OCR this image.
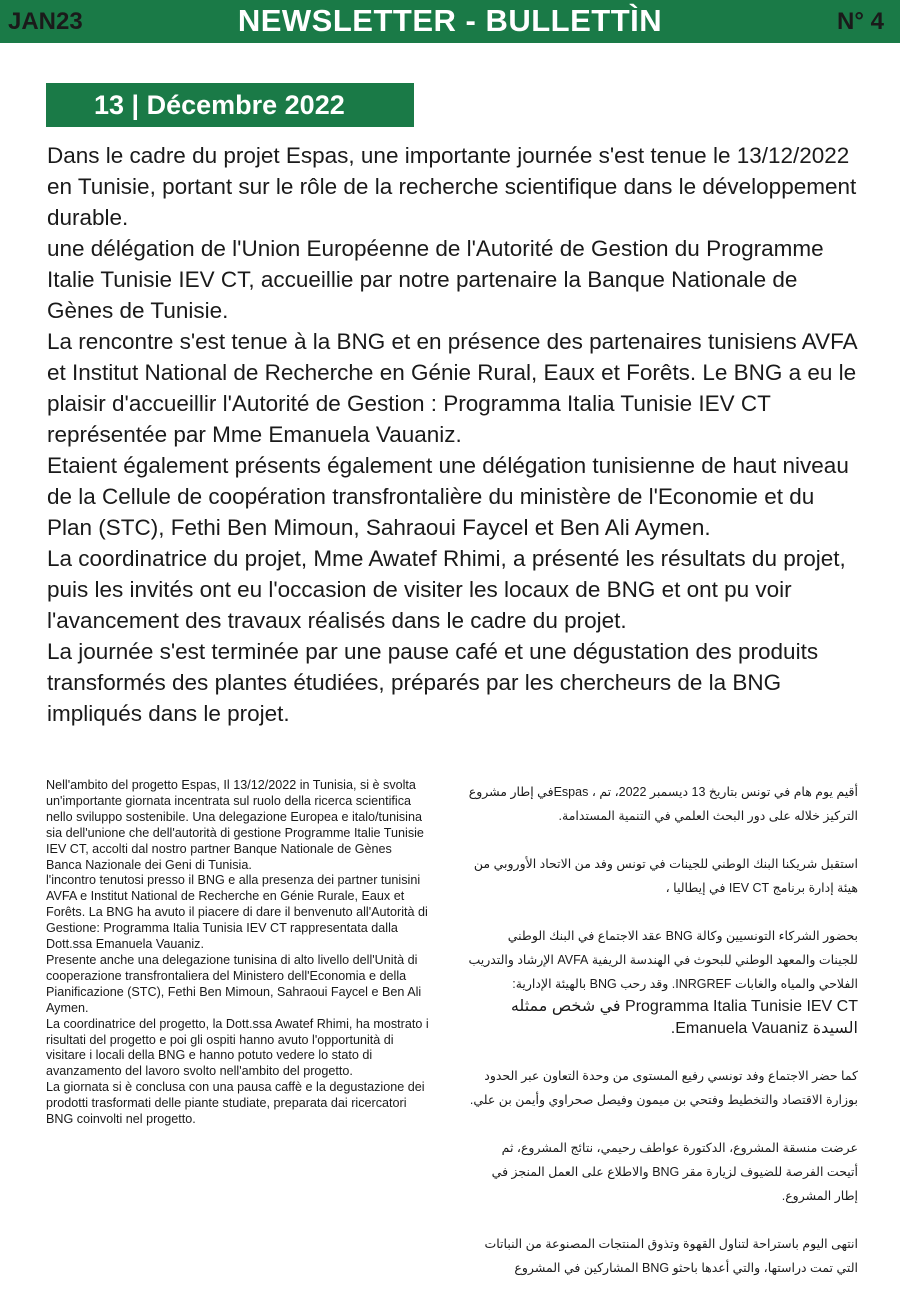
JAN23	NEWSLETTER - BULLETTÌN	N° 4
13 | Décembre 2022

Dans le cadre du projet Espas, une importante journée s'est tenue le 13/12/2022 en Tunisie, portant sur le rôle de la recherche scientifique dans le développement durable.

une délégation de l'Union Européenne de l'Autorité de Gestion du Programme Italie Tunisie IEV CT, accueillie par notre partenaire la Banque Nationale de Gènes de Tunisie.

La rencontre s'est tenue à la BNG et en présence des partenaires tunisiens AVFA et Institut National de Recherche en Génie Rural, Eaux et Forêts. Le BNG a eu le plaisir d'accueillir l'Autorité de Gestion : Programma Italia Tunisie IEV CT représentée par Mme Emanuela Vauaniz.

Etaient également présents également une délégation tunisienne de haut niveau de la Cellule de coopération transfrontalière du ministère de l'Economie et du Plan (STC), Fethi Ben Mimoun, Sahraoui Faycel et Ben Ali Aymen.

La coordinatrice du projet, Mme Awatef Rhimi, a présenté les résultats du projet, puis les invités ont eu l'occasion de visiter les locaux de BNG et ont pu voir l'avancement des travaux réalisés dans le cadre du projet.

La journée s'est terminée par une pause café et une dégustation des produits transformés des plantes étudiées, préparés par les chercheurs de la BNG impliqués dans le projet.

Nell'ambito del progetto Espas, Il 13/12/2022 in Tunisia, si è svolta un'importante giornata incentrata sul ruolo della ricerca scientifica nello sviluppo sostenibile. Una delegazione Europea e italo/tunisina sia dell'unione che dell'autorità di gestione Programme Italie Tunisie IEV CT, accolti dal nostro partner Banque Nationale de Gènes

Banca Nazionale dei Geni di Tunisia.

l'incontro tenutosi presso il BNG e alla presenza dei partner tunisini AVFA e Institut National de Recherche en Génie Rurale, Eaux et Forêts. La BNG ha avuto il piacere di dare il benvenuto all'Autorità di Gestione: Programma Italia Tunisia IEV CT rappresentata dalla Dott.ssa Emanuela Vauaniz.

Presente anche una delegazione tunisina di alto livello dell'Unità di cooperazione transfrontaliera del Ministero dell'Economia e della Pianificazione (STC), Fethi Ben Mimoun, Sahraoui Faycel e Ben Ali Aymen.

La coordinatrice del progetto, la Dott.ssa Awatef Rhimi, ha mostrato i risultati del progetto e poi gli ospiti hanno avuto l'opportunità di visitare i locali della BNG e hanno potuto vedere lo stato di avanzamento del lavoro svolto nell'ambito del progetto.

La giornata si è conclusa con una pausa caffè e la degustazione dei prodotti trasformati delle piante studiate, preparata dai ricercatori BNG coinvolti nel progetto.

أقيم يوم هام في تونس بتاريخ 13 ديسمبر 2022، تم ، Espasفي إطار مشروع التركيز خلاله على دور البحث العلمي في التنمية المستدامة.

استقبل شريكنا البنك الوطني للجينات في تونس وفد من الاتحاد الأوروبي من هيئة إدارة برنامج IEV CT في إيطاليا ،

بحضور الشركاء التونسيين وكالة BNG عقد الاجتماع في البنك الوطني للجينات والمعهد الوطني للبحوث في الهندسة الريفية AVFA الإرشاد والتدريب الفلاحي والمياه والغابات INRGREF. وقد رحب BNG بالهيئة الإدارية:

Programma Italia Tunisie IEV CT في شخص ممثله السيدة Emanuela Vauaniz.

كما حضر الاجتماع وفد تونسي رفيع المستوى من وحدة التعاون عبر الحدود بوزارة الاقتصاد والتخطيط وفتحي بن ميمون وفيصل صحراوي وأيمن بن علي.

عرضت منسقة المشروع، الدكتورة عواطف رحيمي، نتائج المشروع، ثم أتيحت الفرصة للضيوف لزيارة مقر BNG والاطلاع على العمل المنجز في إطار المشروع.

انتهى اليوم باستراحة لتناول القهوة وتذوق المنتجات المصنوعة من النباتات التي تمت دراستها، والتي أعدها باحثو BNG المشاركين في المشروع
